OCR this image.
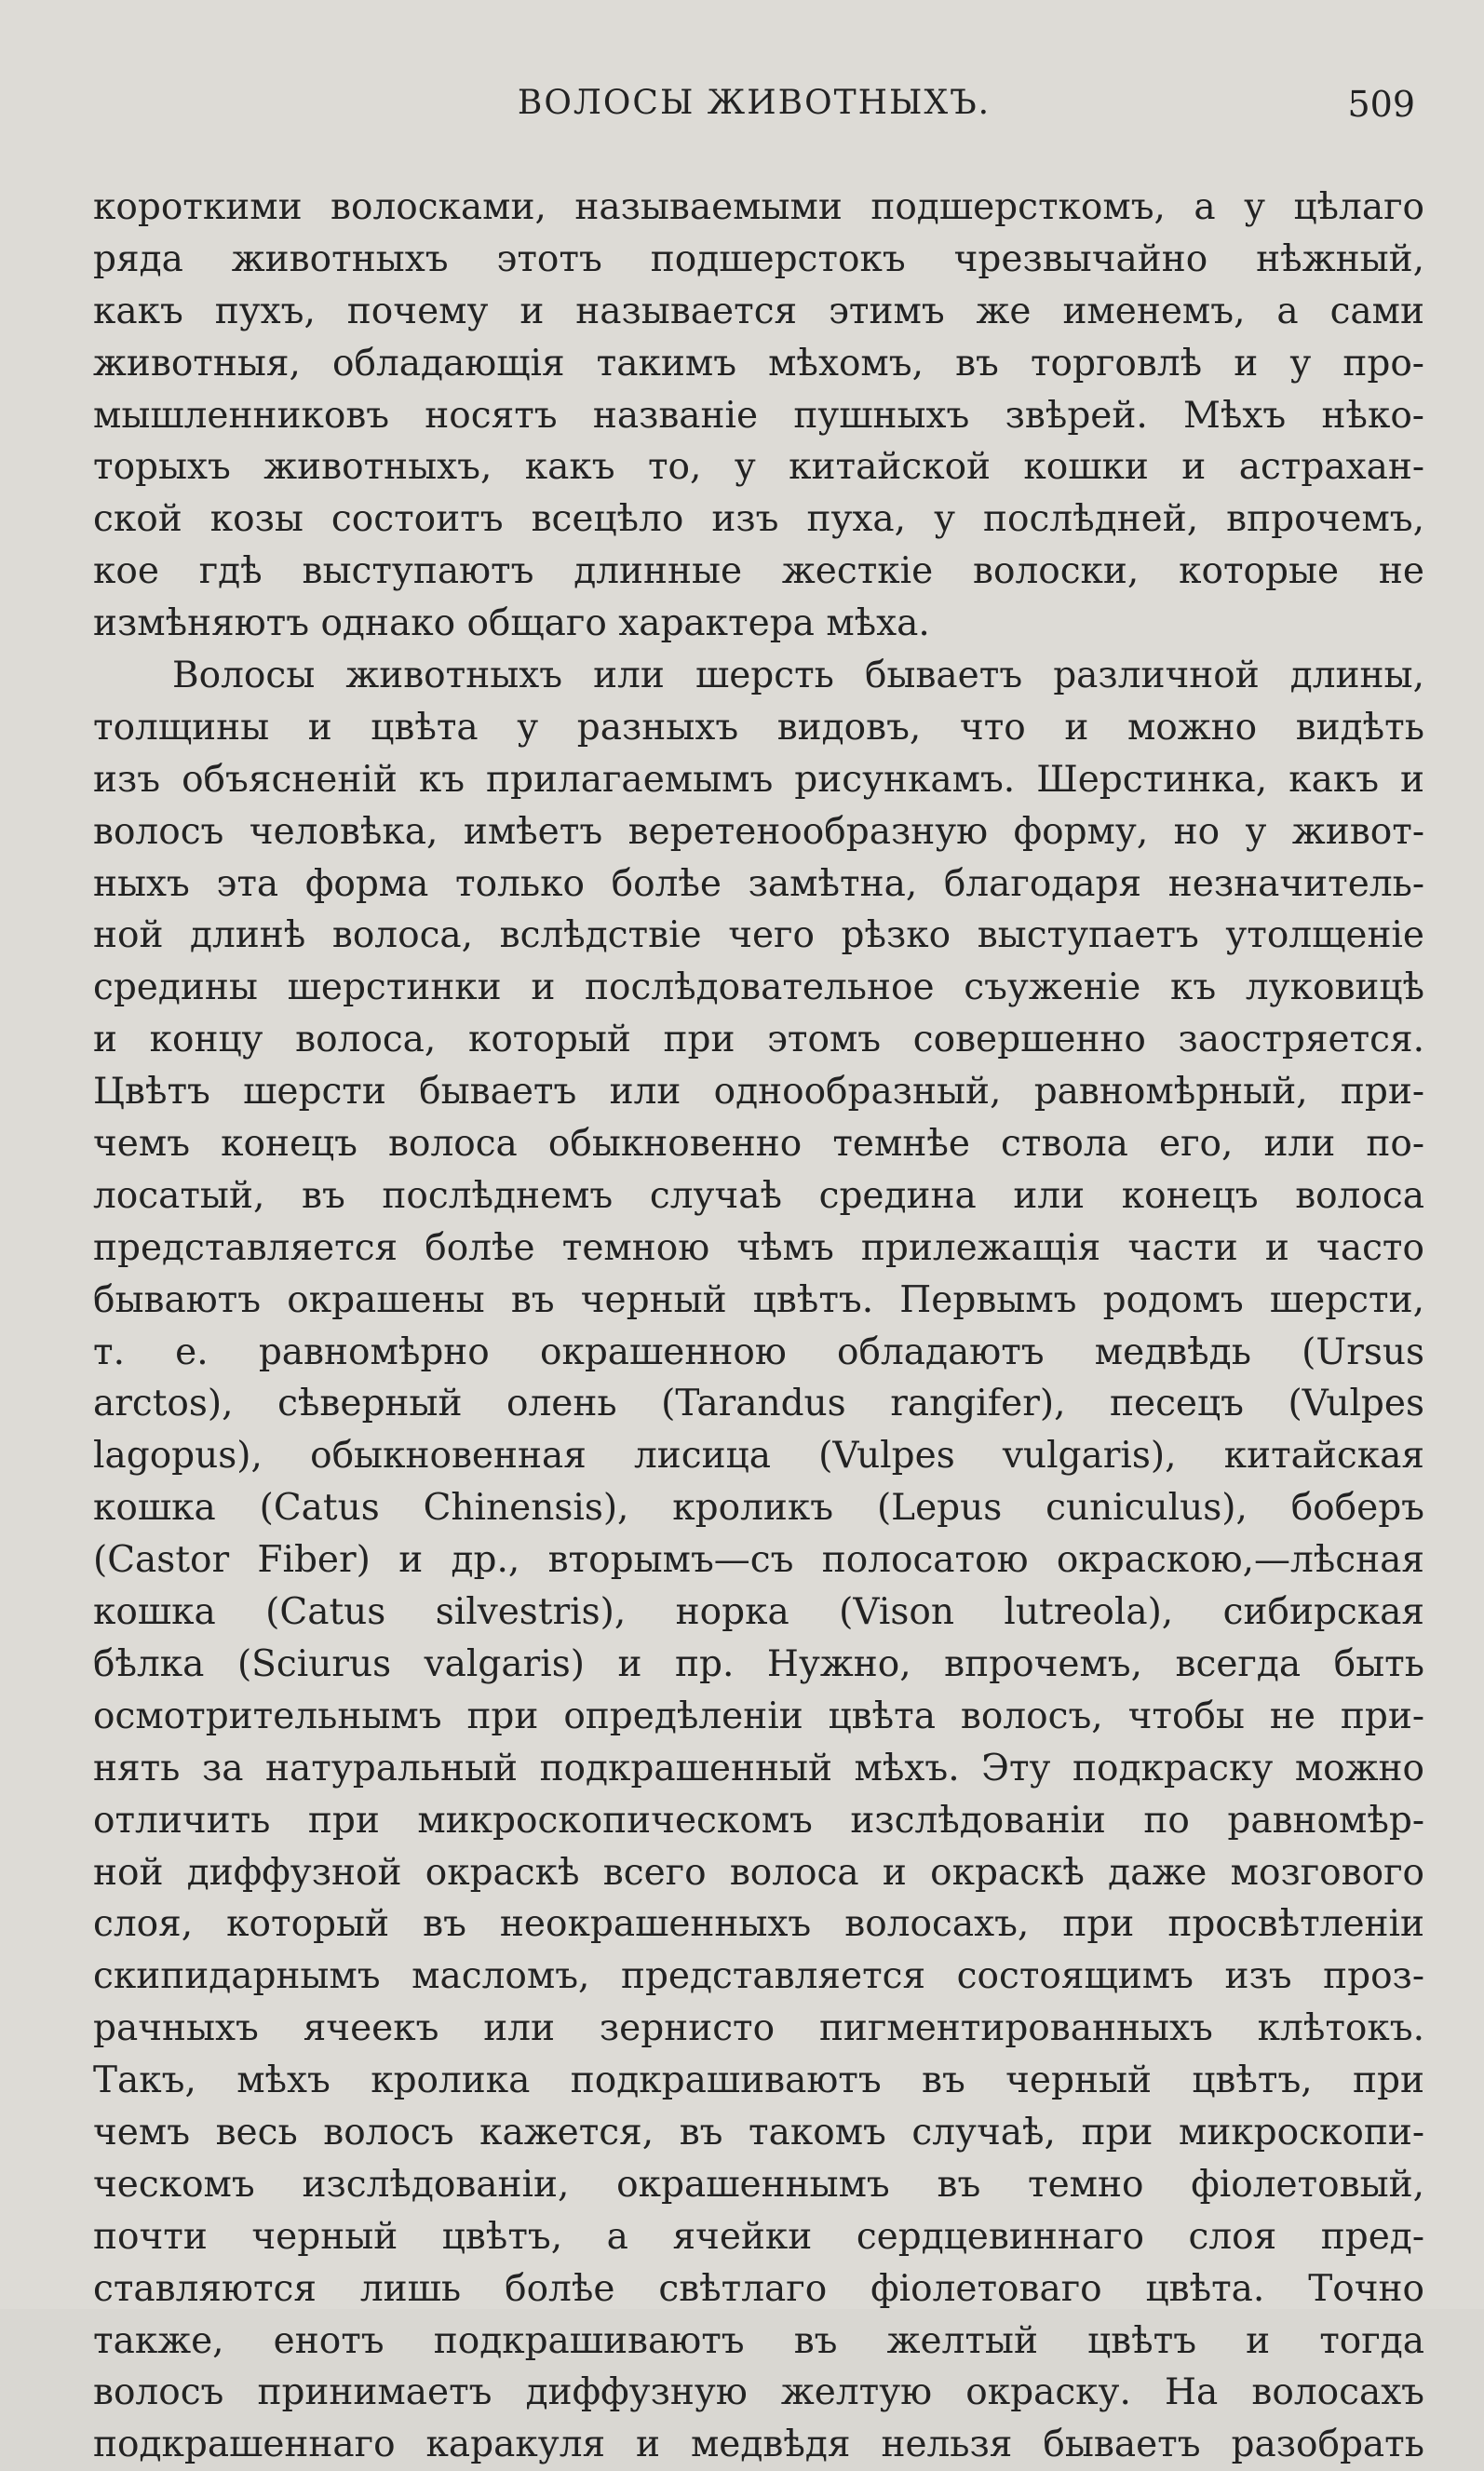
ВОЛОСЫ ЖИВОТНЫХЪ.	509
короткими волосками, называемыми подшерсткомъ, а у цѣлаго
ряда животныхъ этотъ подшерстокъ чрезвычайно нѣжный,
какъ пухъ, почему и называется этимъ же именемъ, а сами
животныя, обладающія такимъ мѣхомъ, въ торговлѣ и у про-
мышленниковъ носятъ названіе пушныхъ звѣрей. Мѣхъ нѣко-
торыхъ животныхъ, какъ то, у китайской кошки и астрахан-
ской козы состоитъ всецѣло изъ пуха, у послѣдней, впрочемъ,
кое гдѣ выступаютъ длинные жесткіе волоски, которые не
измѣняютъ однако общаго характера мѣха.
Волосы животныхъ или шерсть бываетъ различной длины,
толщины и цвѣта у разныхъ видовъ, что и можно видѣть
изъ объясненій къ прилагаемымъ рисункамъ. Шерстинка, какъ и
волосъ человѣка, имѣетъ веретенообразную форму, но у живот-
ныхъ эта форма только болѣе замѣтна, благодаря незначитель-
ной длинѣ волоса, вслѣдствіе чего рѣзко выступаетъ утолщеніе
средины шерстинки и послѣдовательное съуженіе къ луковицѣ
и концу волоса, который при этомъ совершенно заостряется.
Цвѣтъ шерсти бываетъ или однообразный, равномѣрный, при-
чемъ конецъ волоса обыкновенно темнѣе ствола его, или по-
лосатый, въ послѣднемъ случаѣ средина или конецъ волоса
представляется болѣе темною чѣмъ прилежащія части и часто
бываютъ окрашены въ черный цвѣтъ. Первымъ родомъ шерсти,
т. е. равномѣрно окрашенною обладаютъ медвѣдь (Ursus
arctos), сѣверный олень (Tarandus rangifer), песецъ (Vulpes
lagopus), обыкновенная лисица (Vulpes vulgaris), китайская
кошка (Catus Chinensis), кроликъ (Lepus cuniculus), бобеpъ
(Castor Fiber) и др., вторымъ—съ полосатою окраскою,—лѣсная
кошка (Catus silvestris), норка (Vison lutreola), сибирская
бѣлка (Sciurus valgaris) и пр. Нужно, впрочемъ, всегда быть
осмотрительнымъ при опредѣленіи цвѣта волосъ, чтобы не при-
нять за натуральный подкрашенный мѣхъ. Эту подкраску можно
отличить при микроскопическомъ изслѣдованіи по равномѣр-
ной диффузной окраскѣ всего волоса и окраскѣ даже мозгового
слоя, который въ неокрашенныхъ волосахъ, при просвѣтленіи
скипидарнымъ масломъ, представляется состоящимъ изъ проз-
рачныхъ ячеекъ или зернисто пигментированныхъ клѣтокъ.
Такъ, мѣхъ кролика подкрашиваютъ въ черный цвѣтъ, при
чемъ весь волосъ кажется, въ такомъ случаѣ, при микроскопи-
ческомъ изслѣдованіи, окрашеннымъ въ темно фіолетовый,
почти черный цвѣтъ, а ячейки сердцевиннаго слоя пред-
ставляются лишь болѣе свѣтлаго фіолетоваго цвѣта. Точно
также, енотъ подкрашиваютъ въ желтый цвѣтъ и тогда
волосъ принимаетъ диффузную желтую окраску. На волосахъ
подкрашеннаго каракуля и медвѣдя нельзя бываетъ разобрать
